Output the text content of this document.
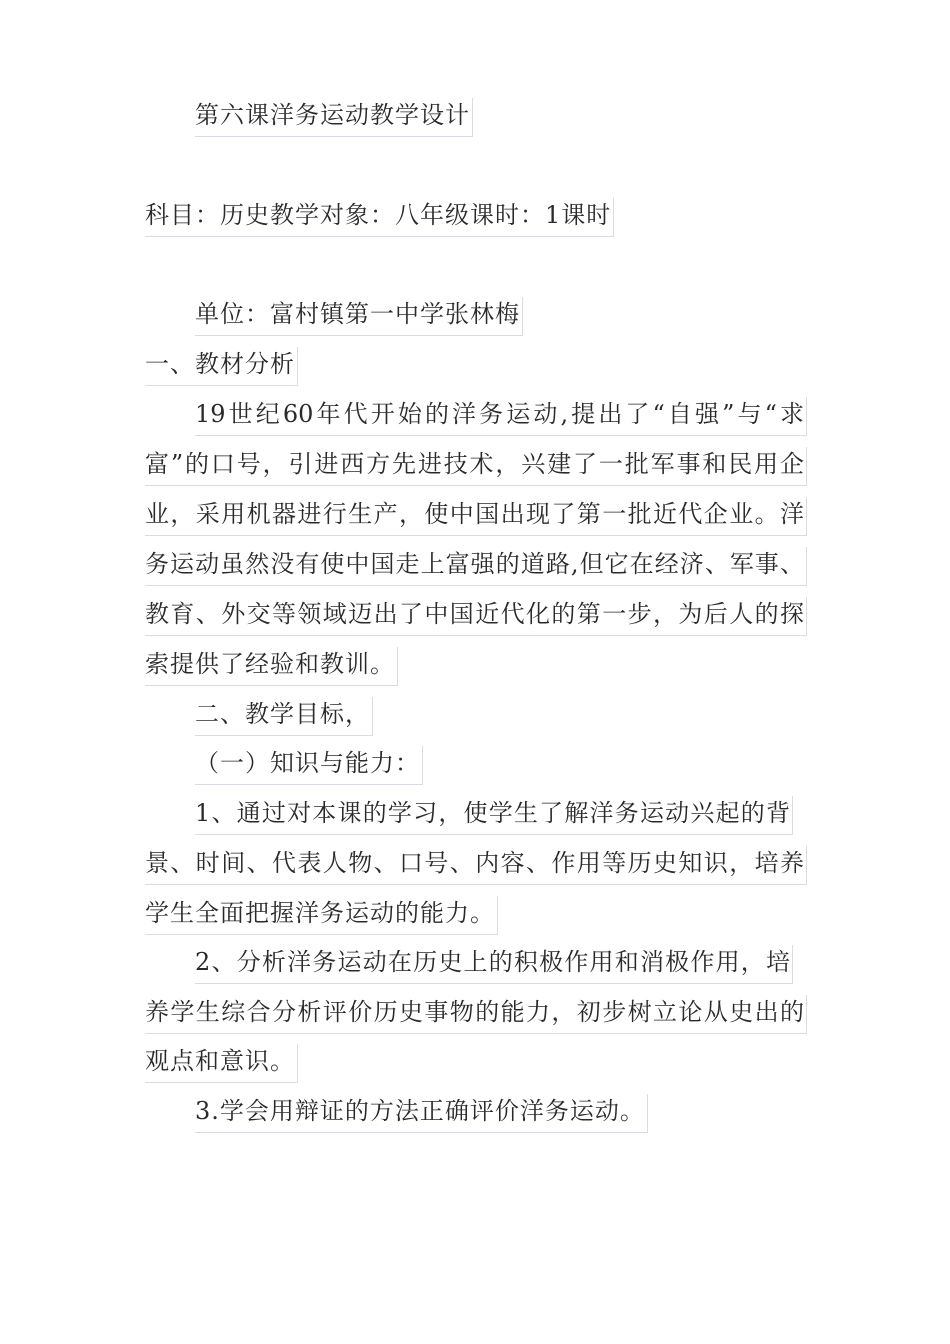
第六课洋务运动教学设计
科目：历史教学对象：八年级课时：1课时
单位：富村镇第一中学张林梅
一、教材分析
19世纪60年代开始的洋务运动,提出了“自强”与“求
富”的口号，引进西方先进技术，兴建了一批军事和民用企
业，采用机器进行生产，使中国出现了第一批近代企业。洋
务运动虽然没有使中国走上富强的道路,但它在经济、军事、
教育、外交等领域迈出了中国近代化的第一步，为后人的探
索提供了经验和教训。
二、教学目标，
（一）知识与能力：
1、通过对本课的学习，使学生了解洋务运动兴起的背
景、时间、代表人物、口号、内容、作用等历史知识，培养
学生全面把握洋务运动的能力。
2、分析洋务运动在历史上的积极作用和消极作用，培
养学生综合分析评价历史事物的能力，初步树立论从史出的
观点和意识。
3.学会用辩证的方法正确评价洋务运动。
